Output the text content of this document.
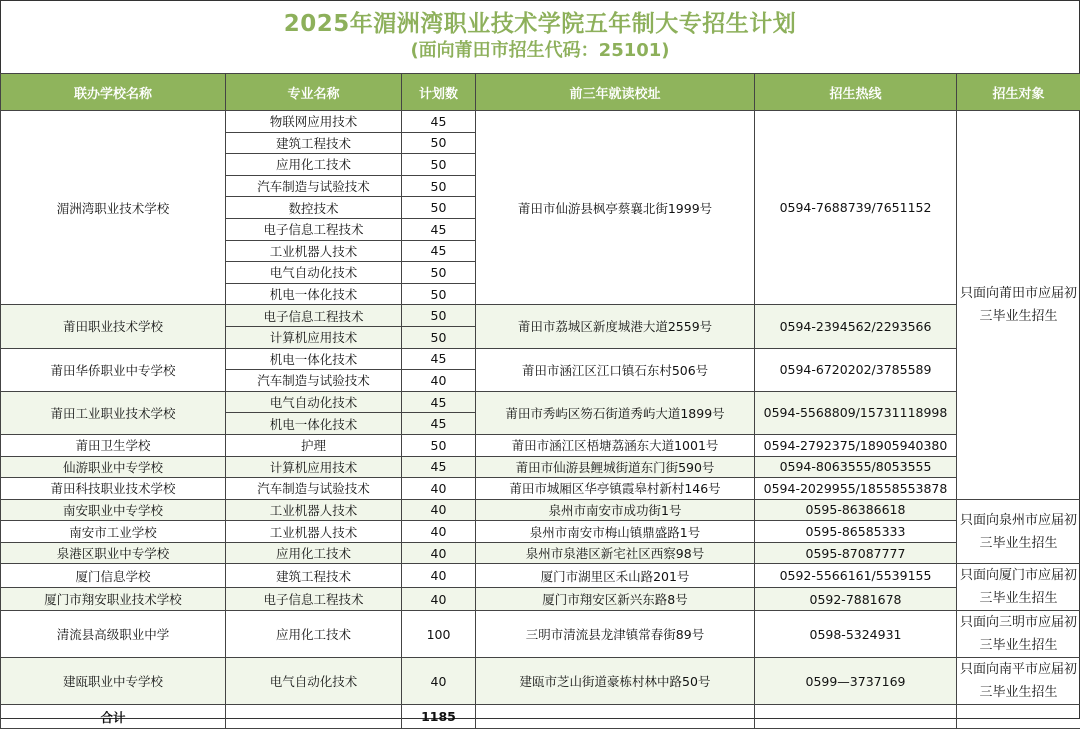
2025年湄洲湾职业技术学院五年制大专招生计划
(面向莆田市招生代码：25101)
联办学校名称	专业名称	计划数	前三年就读校址	招生热线	招生对象
湄洲湾职业技术学校	物联网应用技术	45	莆田市仙游县枫亭蔡襄北街1999号	0594-7688739/7651152	只面向莆田市应届初三毕业生招生
	建筑工程技术	50			
	应用化工技术	50			
	汽车制造与试验技术	50			
	数控技术	50			
	电子信息工程技术	45			
	工业机器人技术	45			
	电气自动化技术	50			
	机电一体化技术	50			
莆田职业技术学校	电子信息工程技术	50	莆田市荔城区新度城港大道2559号	0594-2394562/2293566	
	计算机应用技术	50			
莆田华侨职业中专学校	机电一体化技术	45	莆田市涵江区江口镇石东村506号	0594-6720202/3785589	
	汽车制造与试验技术	40			
莆田工业职业技术学校	电气自动化技术	45	莆田市秀屿区笏石街道秀屿大道1899号	0594-5568809/15731118998	
	机电一体化技术	45			
莆田卫生学校	护理	50	莆田市涵江区梧塘荔涵东大道1001号	0594-2792375/18905940380	
仙游职业中专学校	计算机应用技术	45	莆田市仙游县鲤城街道东门街590号	0594-8063555/8053555	
莆田科技职业技术学校	汽车制造与试验技术	40	莆田市城厢区华亭镇霞皋村新村146号	0594-2029955/18558553878	
南安职业中专学校	工业机器人技术	40	泉州市南安市成功街1号	0595-86386618	只面向泉州市应届初三毕业生招生
南安市工业学校	工业机器人技术	40	泉州市南安市梅山镇鼎盛路1号	0595-86585333	
泉港区职业中专学校	应用化工技术	40	泉州市泉港区新宅社区西察98号	0595-87087777	
厦门信息学校	建筑工程技术	40	厦门市湖里区禾山路201号	0592-5566161/5539155	只面向厦门市应届初三毕业生招生
厦门市翔安职业技术学校	电子信息工程技术	40	厦门市翔安区新兴东路8号	0592-7881678	
清流县高级职业中学	应用化工技术	100	三明市清流县龙津镇常春街89号	0598-5324931	只面向三明市应届初三毕业生招生
建瓯职业中专学校	电气自动化技术	40	建瓯市芝山街道豪栋村林中路50号	0599—3737169	只面向南平市应届初三毕业生招生
合计		1185			
